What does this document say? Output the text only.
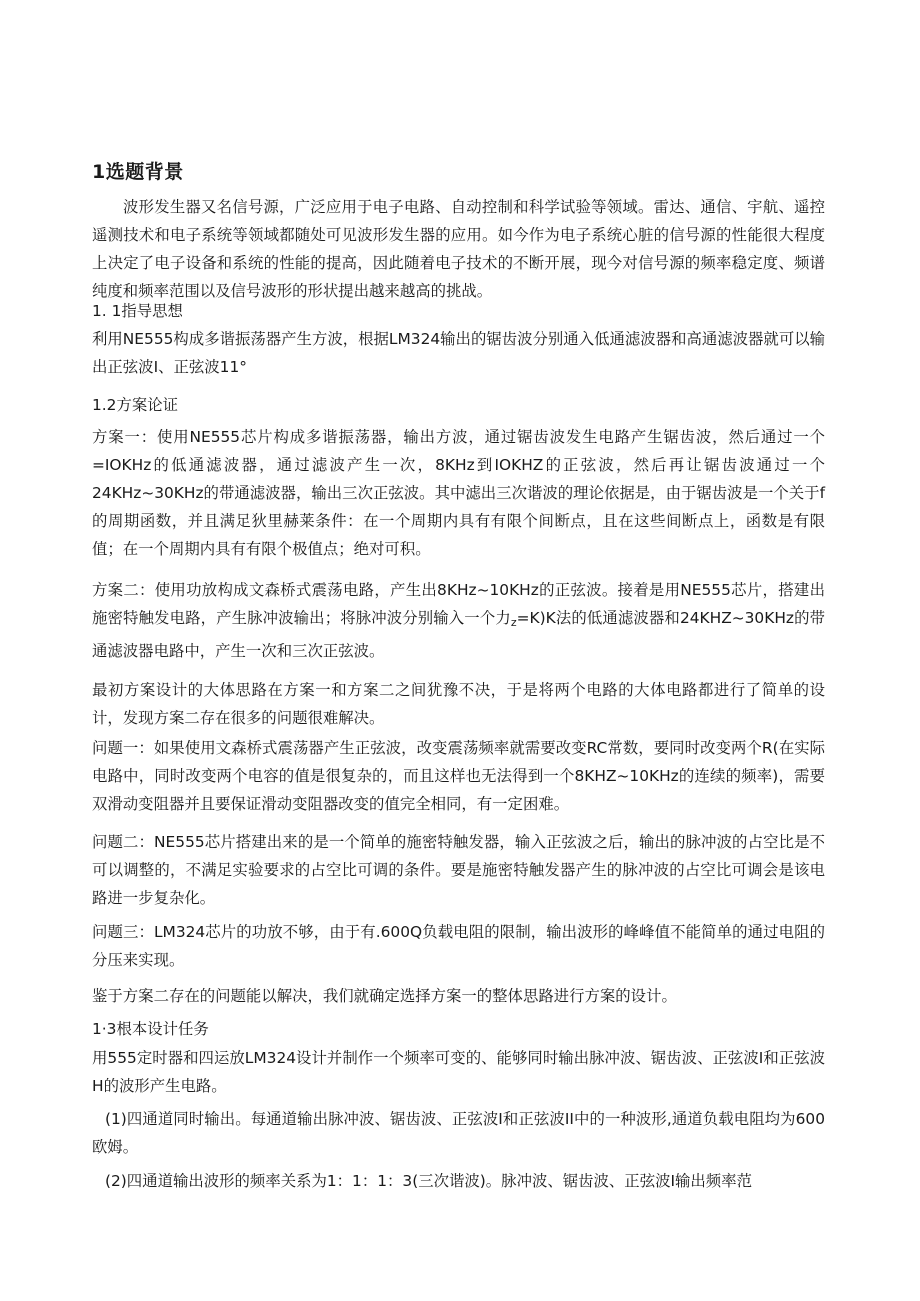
1选题背景

波形发生器又名信号源，广泛应用于电子电路、自动控制和科学试验等领域。雷达、通信、宇航、遥控遥测技术和电子系统等领域都随处可见波形发生器的应用。如今作为电子系统心脏的信号源的性能很大程度上决定了电子设备和系统的性能的提高，因此随着电子技术的不断开展，现今对信号源的频率稳定度、频谱纯度和频率范围以及信号波形的形状提出越来越高的挑战。

1. 1指导思想

利用NE555构成多谐振荡器产生方波，根据LM324输出的锯齿波分别通入低通滤波器和高通滤波器就可以输出正弦波I、正弦波11°

1.2方案论证

方案一：使用NE555芯片构成多谐振荡器，输出方波，通过锯齿波发生电路产生锯齿波，然后通过一个=IOKHz的低通滤波器，通过滤波产生一次，8KHz到IOKHZ的正弦波，然后再让锯齿波通过一个24KHz~30KHz的带通滤波器，输出三次正弦波。其中滤出三次谐波的理论依据是，由于锯齿波是一个关于f的周期函数，并且满足狄里赫莱条件：在一个周期内具有有限个间断点，且在这些间断点上，函数是有限值；在一个周期内具有有限个极值点；绝对可积。

方案二：使用功放构成文森桥式震荡电路，产生出8KHz~10KHz的正弦波。接着是用NE555芯片，搭建出施密特触发电路，产生脉冲波输出；将脉冲波分别输入一个力z=K)K法的低通滤波器和24KHZ~30KHz的带通滤波器电路中，产生一次和三次正弦波。

最初方案设计的大体思路在方案一和方案二之间犹豫不决，于是将两个电路的大体电路都进行了简单的设计，发现方案二存在很多的问题很难解决。

问题一：如果使用文森桥式震荡器产生正弦波，改变震荡频率就需要改变RC常数，要同时改变两个R(在实际电路中，同时改变两个电容的值是很复杂的，而且这样也无法得到一个8KHZ~10KHz的连续的频率)，需要双滑动变阻器并且要保证滑动变阻器改变的值完全相同，有一定困难。

问题二：NE555芯片搭建出来的是一个简单的施密特触发器，输入正弦波之后，输出的脉冲波的占空比是不可以调整的，不满足实验要求的占空比可调的条件。要是施密特触发器产生的脉冲波的占空比可调会是该电路进一步复杂化。

问题三：LM324芯片的功放不够，由于有.600Q负载电阻的限制，输出波形的峰峰值不能简单的通过电阻的分压来实现。

鉴于方案二存在的问题能以解决，我们就确定选择方案一的整体思路进行方案的设计。

1·3根本设计任务

用555定时器和四运放LM324设计并制作一个频率可变的、能够同时输出脉冲波、锯齿波、正弦波I和正弦波H的波形产生电路。

(1)四通道同时输出。每通道输出脉冲波、锯齿波、正弦波I和正弦波II中的一种波形,通道负载电阻均为600欧姆。

(2)四通道输出波形的频率关系为1：1：1：3(三次谐波)。脉冲波、锯齿波、正弦波I输出频率范
